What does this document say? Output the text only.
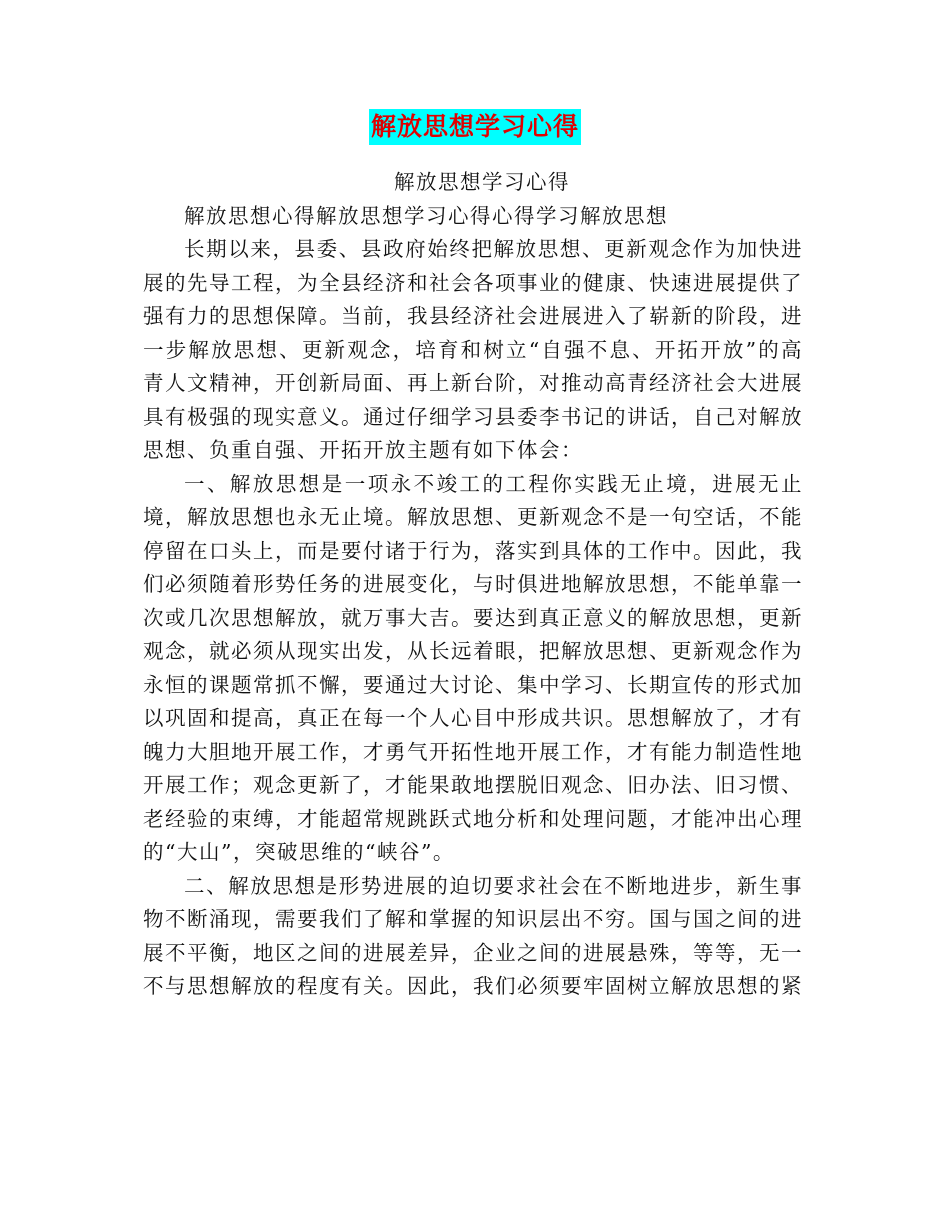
解放思想学习心得

解放思想学习心得

解放思想心得解放思想学习心得心得学习解放思想

长期以来，县委、县政府始终把解放思想、更新观念作为加快进展的先导工程，为全县经济和社会各项事业的健康、快速进展提供了强有力的思想保障。当前，我县经济社会进展进入了崭新的阶段，进一步解放思想、更新观念，培育和树立“自强不息、开拓开放”的高青人文精神，开创新局面、再上新台阶，对推动高青经济社会大进展具有极强的现实意义。通过仔细学习县委李书记的讲话，自己对解放思想、负重自强、开拓开放主题有如下体会：

一、解放思想是一项永不竣工的工程你实践无止境，进展无止境，解放思想也永无止境。解放思想、更新观念不是一句空话，不能停留在口头上，而是要付诸于行为，落实到具体的工作中。因此，我们必须随着形势任务的进展变化，与时俱进地解放思想，不能单靠一次或几次思想解放，就万事大吉。要达到真正意义的解放思想，更新观念，就必须从现实出发，从长远着眼，把解放思想、更新观念作为永恒的课题常抓不懈，要通过大讨论、集中学习、长期宣传的形式加以巩固和提高，真正在每一个人心目中形成共识。思想解放了，才有魄力大胆地开展工作，才勇气开拓性地开展工作，才有能力制造性地开展工作；观念更新了，才能果敢地摆脱旧观念、旧办法、旧习惯、老经验的束缚，才能超常规跳跃式地分析和处理问题，才能冲出心理的“大山”，突破思维的“峡谷”。

二、解放思想是形势进展的迫切要求社会在不断地进步，新生事物不断涌现，需要我们了解和掌握的知识层出不穷。国与国之间的进展不平衡，地区之间的进展差异，企业之间的进展悬殊，等等，无一不与思想解放的程度有关。因此，我们必须要牢固树立解放思想的紧
